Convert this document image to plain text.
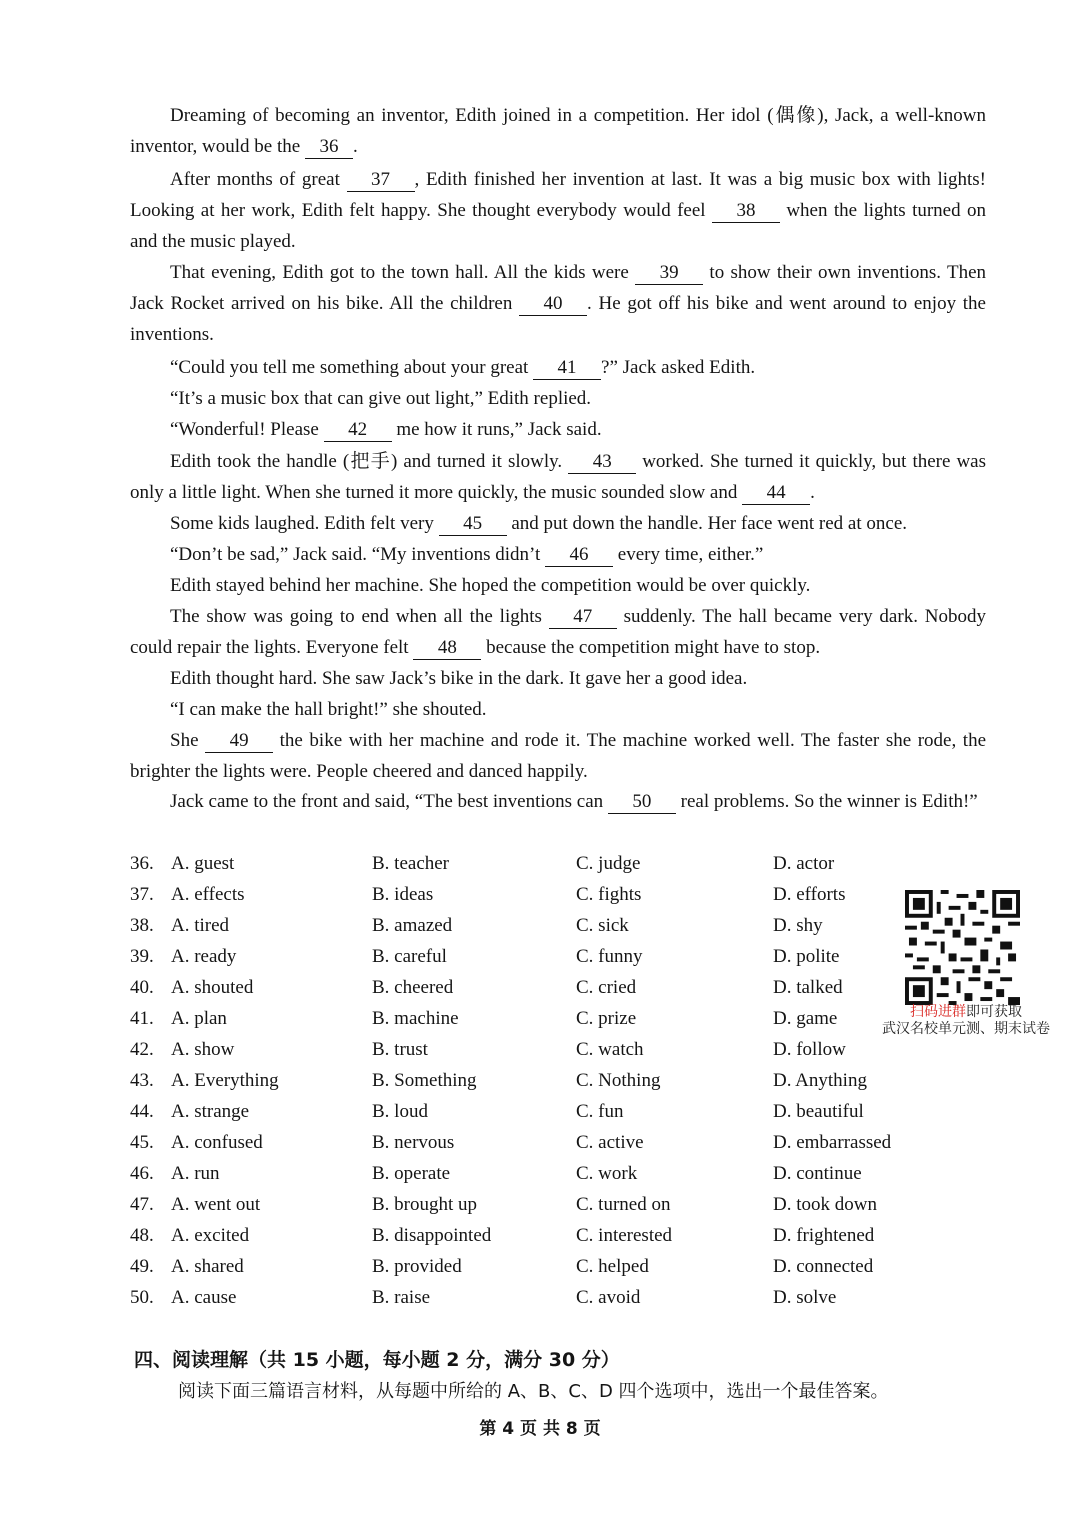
Dreaming of becoming an inventor, Edith joined in a competition. Her idol (偶像), Jack, a well-known inventor, would be the 36 .

After months of great 37 , Edith finished her invention at last. It was a big music box with lights! Looking at her work, Edith felt happy. She thought everybody would feel 38 when the lights turned on and the music played.

That evening, Edith got to the town hall. All the kids were 39 to show their own inventions. Then Jack Rocket arrived on his bike. All the children 40 . He got off his bike and went around to enjoy the inventions.

“Could you tell me something about your great 41 ?” Jack asked Edith.

“It’s a music box that can give out light,” Edith replied.

“Wonderful! Please 42 me how it runs,” Jack said.

Edith took the handle (把手) and turned it slowly. 43 worked. She turned it quickly, but there was only a little light. When she turned it more quickly, the music sounded slow and 44 .

Some kids laughed. Edith felt very 45 and put down the handle. Her face went red at once.

“Don’t be sad,” Jack said. “My inventions didn’t 46 every time, either.”

Edith stayed behind her machine. She hoped the competition would be over quickly.

The show was going to end when all the lights 47 suddenly. The hall became very dark. Nobody could repair the lights. Everyone felt 48 because the competition might have to stop.

Edith thought hard. She saw Jack’s bike in the dark. It gave her a good idea.

“I can make the hall bright!” she shouted.

She 49 the bike with her machine and rode it. The machine worked well. The faster she rode, the brighter the lights were. People cheered and danced happily.

Jack came to the front and said, “The best inventions can 50 real problems. So the winner is Edith!”

36. A. guest	B. teacher	C. judge	D. actor
37. A. effects	B. ideas	C. fights	D. efforts
38. A. tired	B. amazed	C. sick	D. shy
39. A. ready	B. careful	C. funny	D. polite
40. A. shouted	B. cheered	C. cried	D. talked
41. A. plan	B. machine	C. prize	D. game
42. A. show	B. trust	C. watch	D. follow
43. A. Everything	B. Something	C. Nothing	D. Anything
44. A. strange	B. loud	C. fun	D. beautiful
45. A. confused	B. nervous	C. active	D. embarrassed
46. A. run	B. operate	C. work	D. continue
47. A. went out	B. brought up	C. turned on	D. took down
48. A. excited	B. disappointed	C. interested	D. frightened
49. A. shared	B. provided	C. helped	D. connected
50. A. cause	B. raise	C. avoid	D. solve
扫码进群即可获取
武汉名校单元测、期末试卷
四、阅读理解（共 15 小题，每小题 2 分，满分 30 分）
阅读下面三篇语言材料，从每题中所给的 A、B、C、D 四个选项中，选出一个最佳答案。
第 4 页 共 8 页
